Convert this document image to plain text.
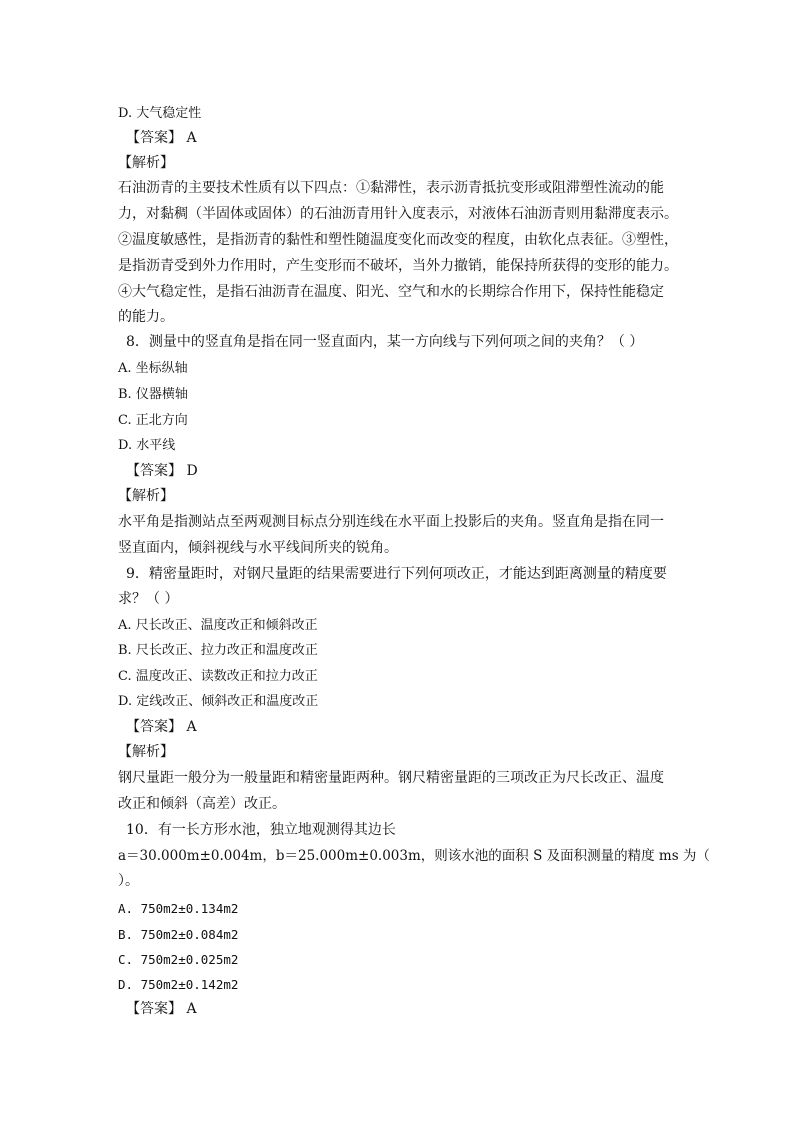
D. 大气稳定性
【答案】 A
【解析】
石油沥青的主要技术性质有以下四点：①黏滞性，表示沥青抵抗变形或阻滞塑性流动的能
力，对黏稠（半固体或固体）的石油沥青用针入度表示，对液体石油沥青则用黏滞度表示。
②温度敏感性，是指沥青的黏性和塑性随温度变化而改变的程度，由软化点表征。③塑性，
是指沥青受到外力作用时，产生变形而不破坏，当外力撤销，能保持所获得的变形的能力。
④大气稳定性，是指石油沥青在温度、阳光、空气和水的长期综合作用下，保持性能稳定
的能力。
8．测量中的竖直角是指在同一竖直面内，某一方向线与下列何项之间的夹角？（ ）
A. 坐标纵轴
B. 仪器横轴
C. 正北方向
D. 水平线
【答案】 D
【解析】
水平角是指测站点至两观测目标点分别连线在水平面上投影后的夹角。竖直角是指在同一
竖直面内，倾斜视线与水平线间所夹的锐角。
9．精密量距时，对钢尺量距的结果需要进行下列何项改正，才能达到距离测量的精度要
求？（ ）
A. 尺长改正、温度改正和倾斜改正
B. 尺长改正、拉力改正和温度改正
C. 温度改正、读数改正和拉力改正
D. 定线改正、倾斜改正和温度改正
【答案】 A
【解析】
钢尺量距一般分为一般量距和精密量距两种。钢尺精密量距的三项改正为尺长改正、温度
改正和倾斜（高差）改正。
10．有一长方形水池，独立地观测得其边长
a＝30.000m±0.004m，b＝25.000m±0.003m，则该水池的面积 S 及面积测量的精度 ms 为（
）。
A. 750m2±0.134m2
B. 750m2±0.084m2
C. 750m2±0.025m2
D. 750m2±0.142m2
【答案】 A
